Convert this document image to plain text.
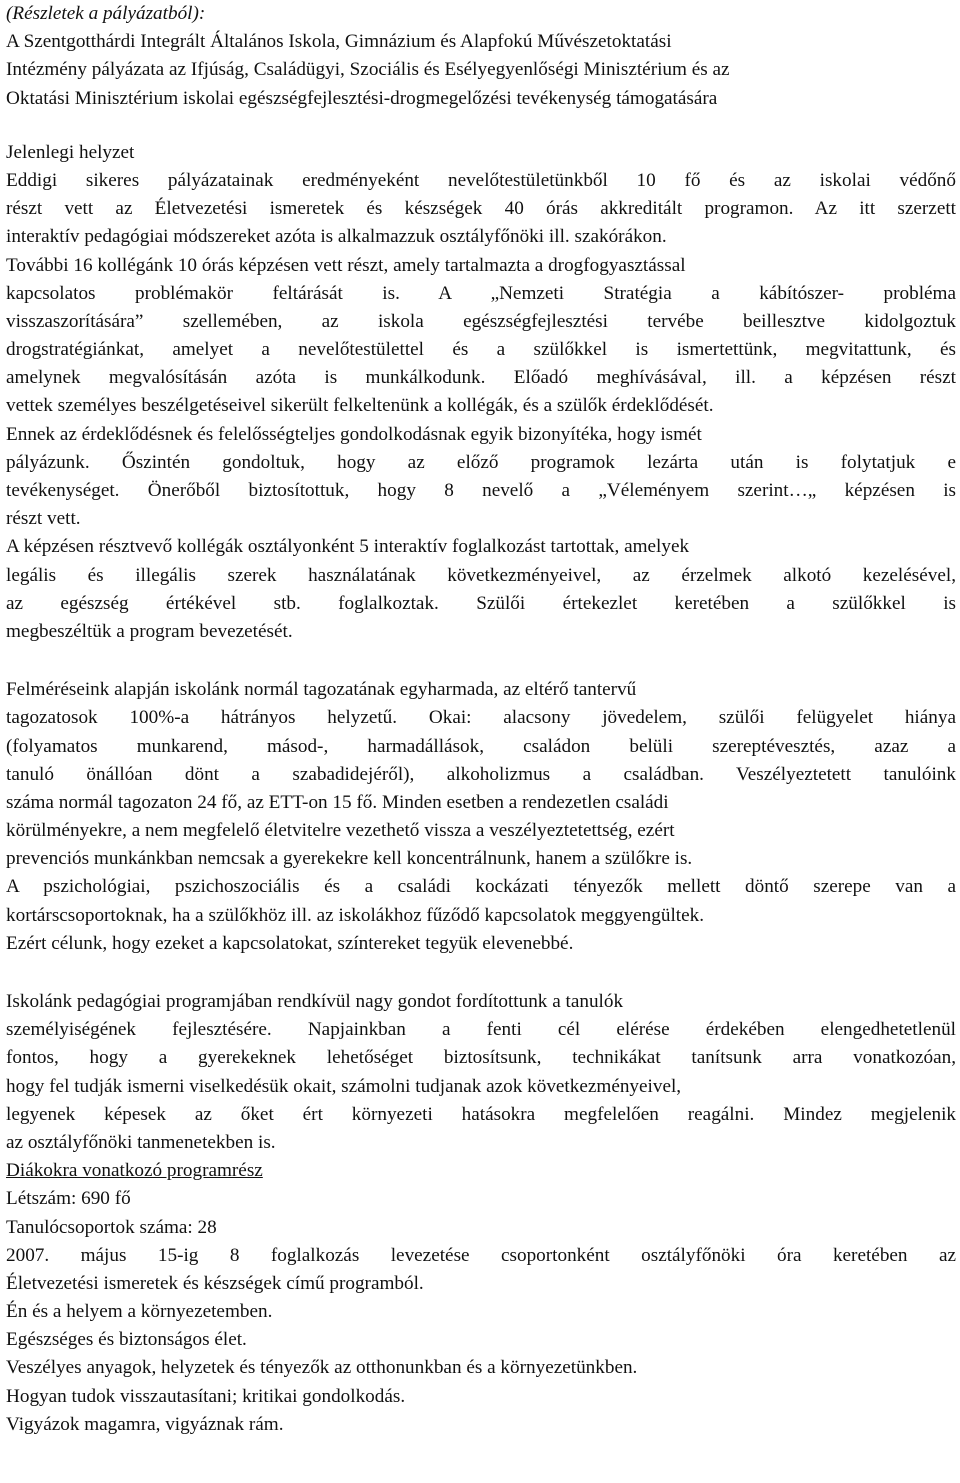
(Részletek a pályázatból):
A Szentgotthárdi Integrált Általános Iskola, Gimnázium és Alapfokú Művészetoktatási
Intézmény pályázata az Ifjúság, Családügyi, Szociális és Esélyegyenlőségi Minisztérium és az
Oktatási Minisztérium iskolai egészségfejlesztési-drogmegelőzési tevékenység támogatására
Jelenlegi helyzet
Eddigi sikeres pályázatainak eredményeként nevelőtestületünkből 10 fő és az iskolai védőnő
részt vett az Életvezetési ismeretek és készségek 40 órás akkreditált programon. Az itt szerzett
interaktív pedagógiai módszereket azóta is alkalmazzuk osztályfőnöki ill. szakórákon.
További 16 kollégánk 10 órás képzésen vett részt, amely tartalmazta a drogfogyasztással
kapcsolatos problémakör feltárását is. A „Nemzeti Stratégia a kábítószer- probléma
visszaszorítására” szellemében, az iskola egészségfejlesztési tervébe beillesztve kidolgoztuk
drogstratégiánkat, amelyet a nevelőtestülettel és a szülőkkel is ismertettünk, megvitattunk, és
amelynek megvalósításán azóta is munkálkodunk. Előadó meghívásával, ill. a képzésen részt
vettek személyes beszélgetéseivel sikerült felkeltenünk a kollégák, és a szülők érdeklődését.
Ennek az érdeklődésnek és felelősségteljes gondolkodásnak egyik bizonyítéka, hogy ismét
pályázunk. Őszintén gondoltuk, hogy az előző programok lezárta után is folytatjuk e
tevékenységet. Önerőből biztosítottuk, hogy 8 nevelő a „Véleményem szerint…„ képzésen is
részt vett.
A képzésen résztvevő kollégák osztályonként 5 interaktív foglalkozást tartottak, amelyek
legális és illegális szerek használatának következményeivel, az érzelmek alkotó kezelésével,
az egészség értékével stb. foglalkoztak. Szülői értekezlet keretében a szülőkkel is
megbeszéltük a program bevezetését.
Felméréseink alapján iskolánk normál tagozatának egyharmada, az eltérő tantervű
tagozatosok 100%-a hátrányos helyzetű. Okai: alacsony jövedelem, szülői felügyelet hiánya
(folyamatos munkarend, másod-, harmadállások, családon belüli szereptévesztés, azaz a
tanuló önállóan dönt a szabadidejéről), alkoholizmus a családban. Veszélyeztetett tanulóink
száma normál tagozaton 24 fő, az ETT-on 15 fő. Minden esetben a rendezetlen családi
körülményekre, a nem megfelelő életvitelre vezethető vissza a veszélyeztetettség, ezért
prevenciós munkánkban nemcsak a gyerekekre kell koncentrálnunk, hanem a szülőkre is.
A pszichológiai, pszichoszociális és a családi kockázati tényezők mellett döntő szerepe van a
kortárscsoportoknak, ha a szülőkhöz ill. az iskolákhoz fűződő kapcsolatok meggyengültek.
Ezért célunk, hogy ezeket a kapcsolatokat, színtereket tegyük elevenebbé.
Iskolánk pedagógiai programjában rendkívül nagy gondot fordítottunk a tanulók
személyiségének fejlesztésére. Napjainkban a fenti cél elérése érdekében elengedhetetlenül
fontos, hogy a gyerekeknek lehetőséget biztosítsunk, technikákat tanítsunk arra vonatkozóan,
hogy fel tudják ismerni viselkedésük okait, számolni tudjanak azok következményeivel,
legyenek képesek az őket ért környezeti hatásokra megfelelően reagálni. Mindez megjelenik
az osztályfőnöki tanmenetekben is.
Diákokra vonatkozó programrész
Létszám: 690 fő
Tanulócsoportok száma: 28
2007. május 15-ig 8 foglalkozás levezetése csoportonként osztályfőnöki óra keretében az
Életvezetési ismeretek és készségek című programból.
Én és a helyem a környezetemben.
Egészséges és biztonságos élet.
Veszélyes anyagok, helyzetek és tényezők az otthonunkban és a környezetünkben.
Hogyan tudok visszautasítani; kritikai gondolkodás.
Vigyázok magamra, vigyáznak rám.
